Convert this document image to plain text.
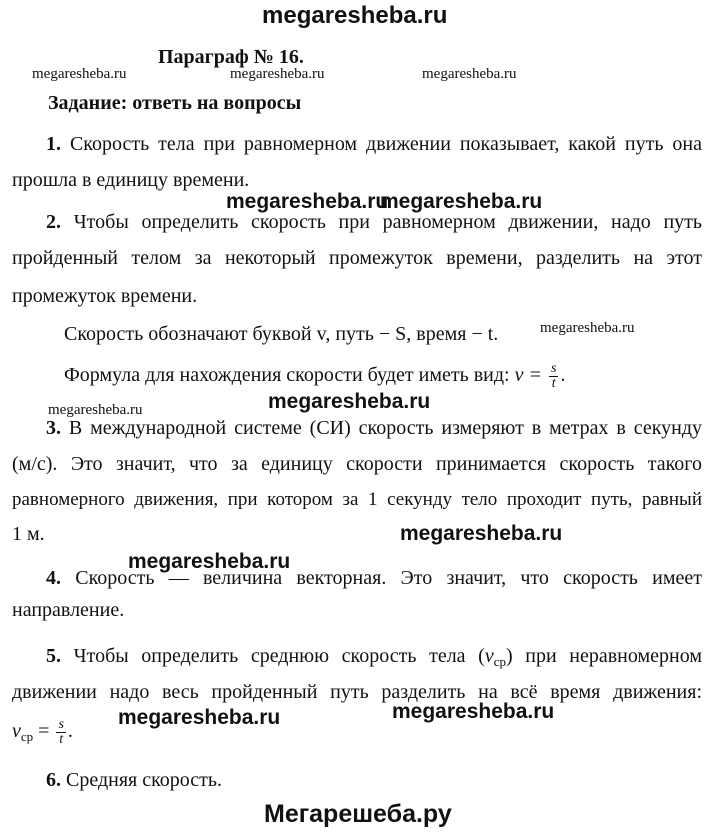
megaresheba.ru
megaresheba.ru	megaresheba.ru	megaresheba.ru
megaresheba.ru
megaresheba.ru
megaresheba.ru
megaresheba.ru	megaresheba.ru
megaresheba.ru
megaresheba.ru
megaresheba.ru
megaresheba.ru
Мегарешеба.ру
Параграф № 16.
Задание: ответь на вопросы
1. Скорость тела при равномерном движении показывает, какой путь она
прошла в единицу времени.
2. Чтобы определить скорость при равномерном движении, надо путь
пройденный телом за некоторый промежуток времени, разделить на этот
промежуток времени.
Скорость обозначают буквой v, путь − S, время − t.
Формула для нахождения скорости будет иметь вид: $v = \frac{s}{t}$ .
3. В международной системе (СИ) скорость измеряют в метрах в секунду
(м/с). Это значит, что за единицу скорости принимается скорость такого
равномерного движения, при котором за 1 секунду тело проходит путь, равный
1 м.
4. Скорость — величина векторная. Это значит, что скорость имеет
направление.
5. Чтобы определить среднюю скорость тела $(v_{ср})$ при неравномерном
движении надо весь пройденный путь разделить на всё время движения:
$v_{ср} = \frac{s}{t}$ .
6. Средняя скорость.
